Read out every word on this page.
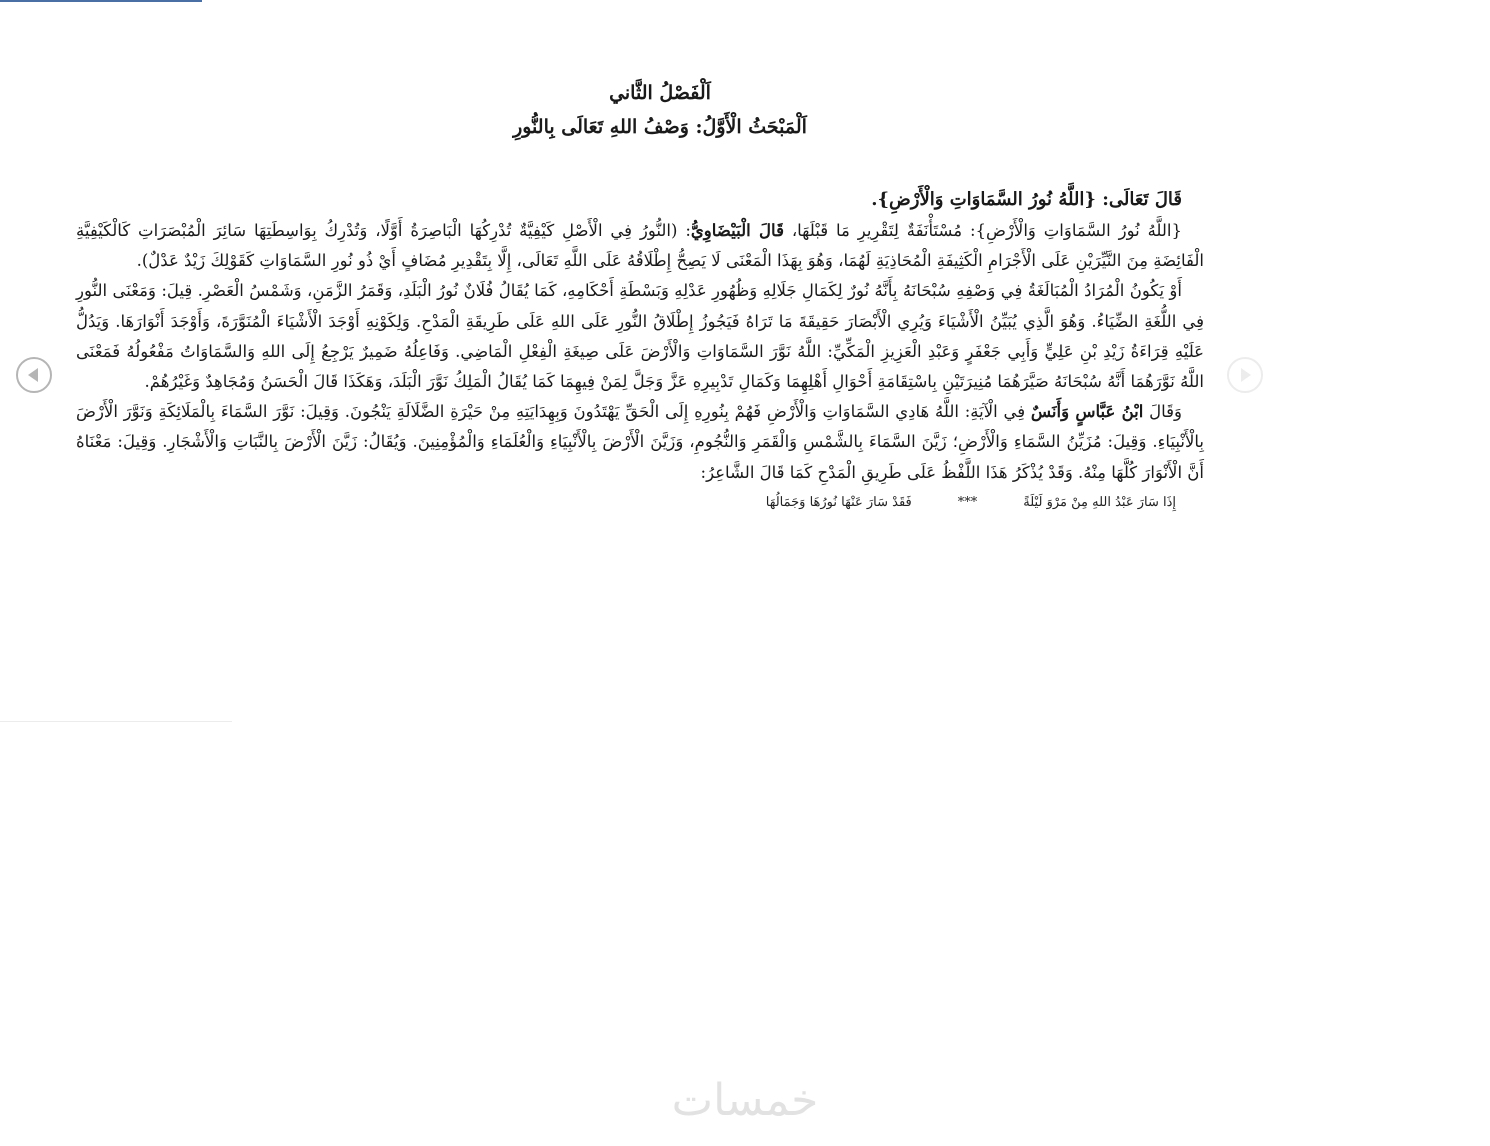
اَلْفَصْلُ الثَّاني
اَلْمَبْحَثُ الْأَوَّلُ: وَصْفُ اللهِ تَعَالَى بِالنُّورِ

قَالَ تَعَالَى: {اللَّهُ نُورُ السَّمَاوَاتِ وَالْأَرْضِ}.

{اللَّهُ نُورُ السَّمَاوَاتِ وَالْأَرْضِ}: مُسْتَأْنَفَةٌ لِتَقْرِيرِ مَا قَبْلَهَا، قَالَ الْبَيْضَاوِيُّ: (النُّورُ فِي الْأَصْلِ كَيْفِيَّةٌ تُدْرِكُهَا الْبَاصِرَةُ أَوَّلًا، وَتُدْرِكُ بِوَاسِطَتِهَا سَائِرَ الْمُبْصَرَاتِ كَالْكَيْفِيَّةِ الْفَائِضَةِ مِنَ النَّيِّرَيْنِ عَلَى الْأَجْرَامِ الْكَثِيفَةِ الْمُحَاذِيَةِ لَهُمَا، وَهُوَ بِهَذَا الْمَعْنَى لَا يَصِحُّ إِطْلَاقُهُ عَلَى اللَّهِ تَعَالَى، إِلَّا بِتَقْدِيرِ مُضَافٍ أَيْ ذُو نُورِ السَّمَاوَاتِ كَقَوْلِكَ زَيْدٌ عَدْلٌ).

أَوْ يَكُونُ الْمُرَادُ الْمُبَالَغَةُ فِي وَصْفِهِ سُبْحَانَهُ بِأَنَّهُ نُورٌ لِكَمَالِ جَلَالِهِ وَظُهُورِ عَدْلِهِ وَبَسْطَةِ أَحْكَامِهِ، كَمَا يُقَالُ فُلَانٌ نُورُ الْبَلَدِ، وَقَمَرُ الزَّمَنِ، وَشَمْسُ الْعَصْرِ. قِيلَ: وَمَعْنَى النُّورِ فِي اللُّغَةِ الضِّيَاءُ. وَهُوَ الَّذِي يُبَيِّنُ الْأَشْيَاءَ وَيُرِي الْأَبْصَارَ حَقِيقَةَ مَا تَرَاهُ فَيَجُوزُ إِطْلَاقُ النُّورِ عَلَى اللهِ عَلَى طَرِيقَةِ الْمَدْحِ. وَلِكَوْنِهِ أَوْجَدَ الْأَشْيَاءَ الْمُنَوَّرَةَ، وَأَوْجَدَ أَنْوَارَهَا. وَيَدُلُّ عَلَيْهِ قِرَاءَةُ زَيْدِ بْنِ عَلِيٍّ وَأَبِي جَعْفَرٍ وَعَبْدِ الْعَزِيزِ الْمَكِّيِّ: اللَّهُ نَوَّرَ السَّمَاوَاتِ وَالْأَرْضَ عَلَى صِيغَةِ الْفِعْلِ الْمَاضِي. وَفَاعِلُهُ ضَمِيرٌ يَرْجِعُ إِلَى اللهِ وَالسَّمَاوَاتُ مَفْعُولُهُ فَمَعْنَى اللَّهُ نَوَّرَهُمَا أَنَّهُ سُبْحَانَهُ صَيَّرَهُمَا مُنِيرَتَيْنِ بِاسْتِقَامَةِ أَحْوَالِ أَهْلِهِمَا وَكَمَالِ تَدْبِيرِهِ عَزَّ وَجَلَّ لِمَنْ فِيهِمَا كَمَا يُقَالُ الْمَلِكُ نَوَّرَ الْبَلَدَ، وَهَكَذَا قَالَ الْحَسَنُ وَمُجَاهِدٌ وَغَيْرُهُمْ.

وَقَالَ ابْنُ عَبَّاسٍ وَأَنَسٌ فِي الْآيَةِ: اللَّهُ هَادِي السَّمَاوَاتِ وَالْأَرْضِ فَهُمْ بِنُورِهِ إِلَى الْحَقِّ يَهْتَدُونَ وَبِهِدَايَتِهِ مِنْ حَيْرَةِ الضَّلَالَةِ يَنْجُونَ. وَقِيلَ: نَوَّرَ السَّمَاءَ بِالْمَلَائِكَةِ وَنَوَّرَ الْأَرْضَ بِالْأَنْبِيَاءِ. وَقِيلَ: مُزَيِّنُ السَّمَاءِ وَالْأَرْضِ؛ زَيَّنَ السَّمَاءَ بِالشَّمْسِ وَالْقَمَرِ وَالنُّجُومِ، وَزَيَّنَ الْأَرْضَ بِالْأَنْبِيَاءِ وَالْعُلَمَاءِ وَالْمُؤْمِنِينَ. وَيُقَالُ: زَيَّنَ الْأَرْضَ بِالنَّبَاتِ وَالْأَشْجَارِ. وَقِيلَ: مَعْنَاهُ أَنَّ الْأَنْوَارَ كُلَّهَا مِنْهُ. وَقَدْ يُذْكَرُ هَذَا اللَّفْظُ عَلَى طَرِيقِ الْمَدْحِ كَمَا قَالَ الشَّاعِرُ:

إِذَا سَارَ عَبْدُ اللهِ مِنْ مَرْوَ لَيْلَةً***فَقَدْ سَارَ عَنْهَا نُورُهَا وَجَمَالُهَا

خمسات
